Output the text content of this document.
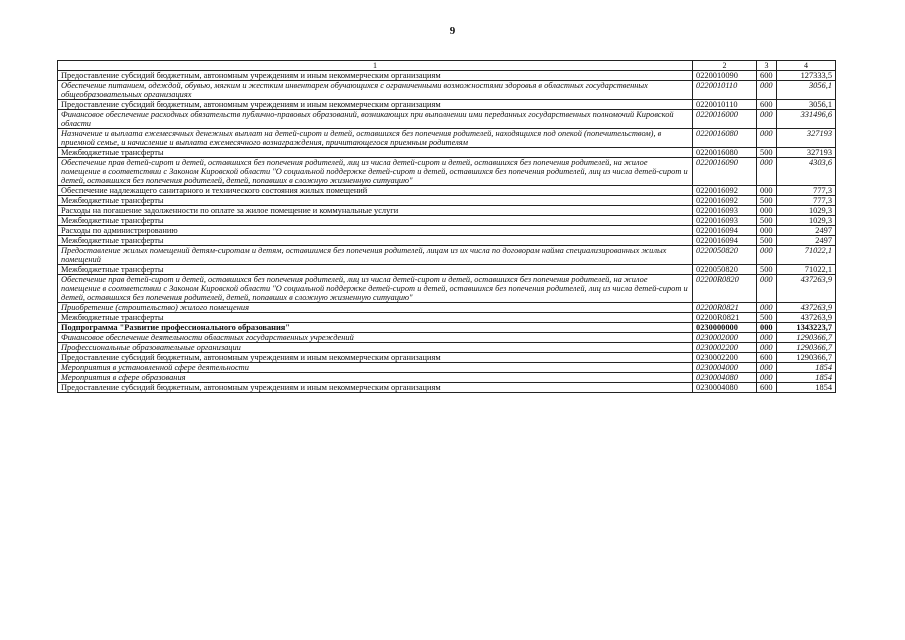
9
1	2	3	4
Предоставление субсидий бюджетным, автономным учреждениям и иным некоммерческим организациям	0220010090	600	127333,5
Обеспечение питанием, одеждой, обувью, мягким и жестким инвентарем обучающихся с ограниченными возможностями здоровья в областных государственных общеобразовательных организациях	0220010110	000	3056,1
Предоставление субсидий бюджетным, автономным учреждениям и иным некоммерческим организациям	0220010110	600	3056,1
Финансовое обеспечение расходных обязательств публично-правовых образований, возникающих при выполнении ими переданных государственных полномочий Кировской области	0220016000	000	331496,6
Назначение и выплата ежемесячных денежных выплат на детей-сирот и детей, оставшихся без попечения родителей, находящихся под опекой (попечительством), в приемной семье, и начисление и выплата ежемесячного вознаграждения, причитающегося приемным родителям	0220016080	000	327193
Межбюджетные трансферты	0220016080	500	327193
Обеспечение прав детей-сирот и детей, оставшихся без попечения родителей, лиц из числа детей-сирот и детей, оставшихся без попечения родителей, на жилое помещение в соответствии с Законом Кировской области "О социальной поддержке детей-сирот и детей, оставшихся без попечения родителей, лиц из числа детей-сирот и детей, оставшихся без попечения родителей, детей, попавших в сложную жизненную ситуацию"	0220016090	000	4303,6
Обеспечение надлежащего санитарного и технического состояния жилых помещений	0220016092	000	777,3
Межбюджетные трансферты	0220016092	500	777,3
Расходы на погашение задолженности по оплате за жилое помещение и коммунальные услуги	0220016093	000	1029,3
Межбюджетные трансферты	0220016093	500	1029,3
Расходы по администрированию	0220016094	000	2497
Межбюджетные трансферты	0220016094	500	2497
Предоставление жилых помещений детям-сиротам и детям, оставшимся без попечения родителей, лицам из их числа по договорам найма специализированных жилых помещений	0220050820	000	71022,1
Межбюджетные трансферты	0220050820	500	71022,1
Обеспечение прав детей-сирот и детей, оставшихся без попечения родителей, лиц из числа детей-сирот и детей, оставшихся без попечения родителей, на жилое помещение в соответствии с Законом Кировской области "О социальной поддержке детей-сирот и детей, оставшихся без попечения родителей, лиц из числа детей-сирот и детей, оставшихся без попечения родителей, детей, попавших в сложную жизненную ситуацию"	02200R0820	000	437263,9
Приобретение (строительство) жилого помещения	02200R0821	000	437263,9
Межбюджетные трансферты	02200R0821	500	437263,9
Подпрограмма "Развитие профессионального образования"	0230000000	000	1343223,7
Финансовое обеспечение деятельности областных государственных учреждений	0230002000	000	1290366,7
Профессиональные образовательные организации	0230002200	000	1290366,7
Предоставление субсидий бюджетным, автономным учреждениям и иным некоммерческим организациям	0230002200	600	1290366,7
Мероприятия в установленной сфере деятельности	0230004000	000	1854
Мероприятия в сфере образования	0230004080	000	1854
Предоставление субсидий бюджетным, автономным учреждениям и иным некоммерческим организациям	0230004080	600	1854
